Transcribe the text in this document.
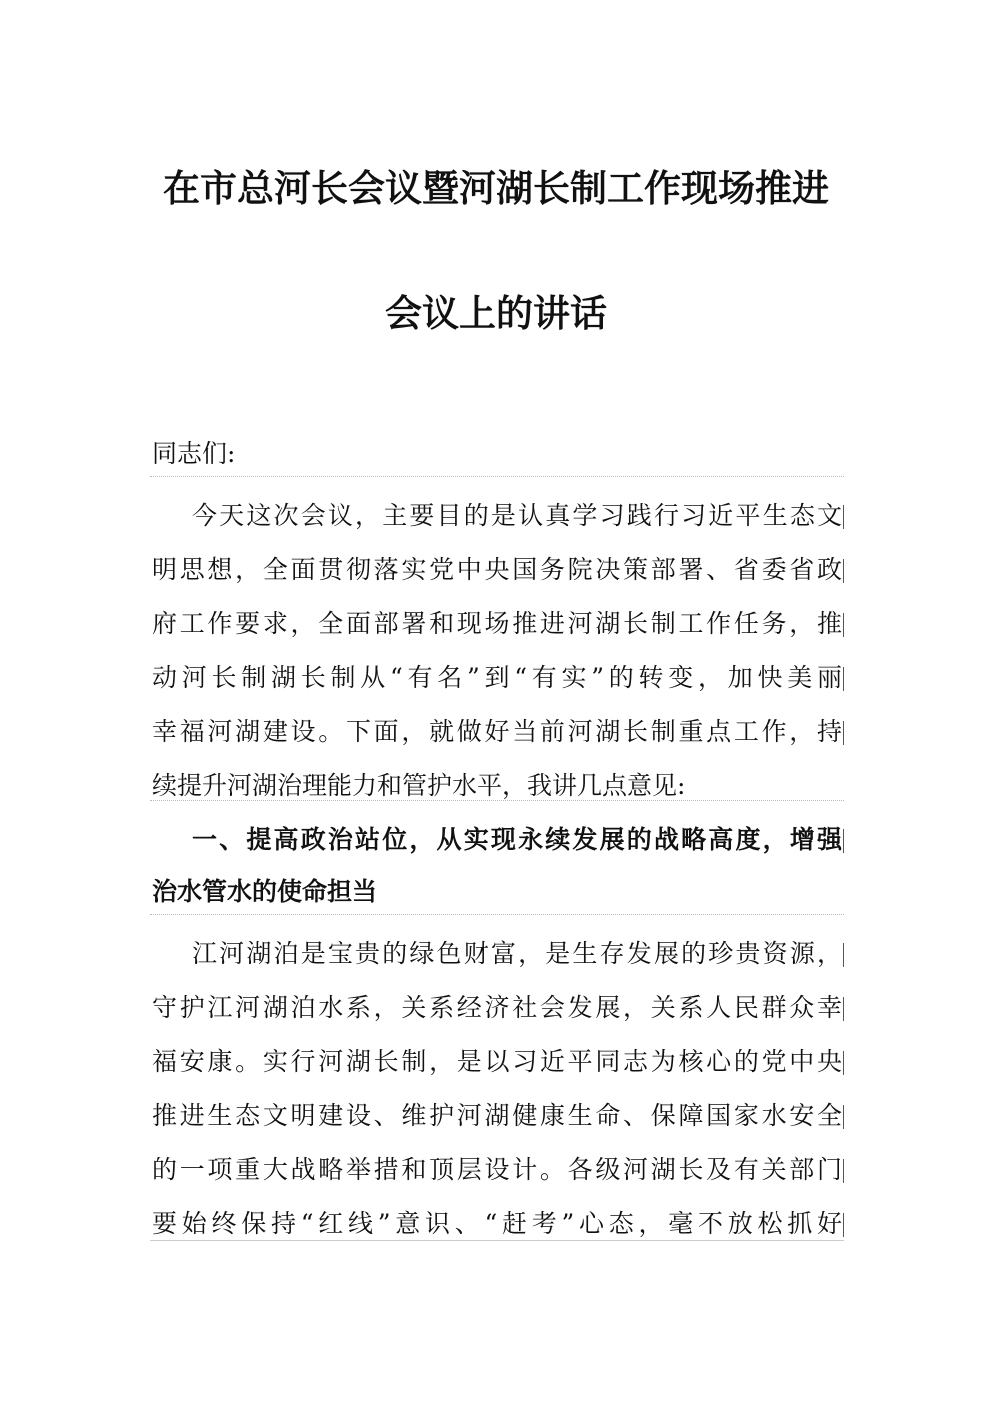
在市总河长会议暨河湖长制工作现场推进
会议上的讲话
同志们:
今天这次会议，主要目的是认真学习践行习近平生态文
明思想，全面贯彻落实党中央国务院决策部署、省委省政
府工作要求，全面部署和现场推进河湖长制工作任务，推
动河长制湖长制从“有名”到“有实”的转变，加快美丽
幸福河湖建设。下面，就做好当前河湖长制重点工作，持
续提升河湖治理能力和管护水平，我讲几点意见:
一、提高政治站位，从实现永续发展的战略高度，增强
治水管水的使命担当
江河湖泊是宝贵的绿色财富，是生存发展的珍贵资源，
守护江河湖泊水系，关系经济社会发展，关系人民群众幸
福安康。实行河湖长制，是以习近平同志为核心的党中央
推进生态文明建设、维护河湖健康生命、保障国家水安全
的一项重大战略举措和顶层设计。各级河湖长及有关部门
要始终保持“红线”意识、“赶考”心态，毫不放松抓好
